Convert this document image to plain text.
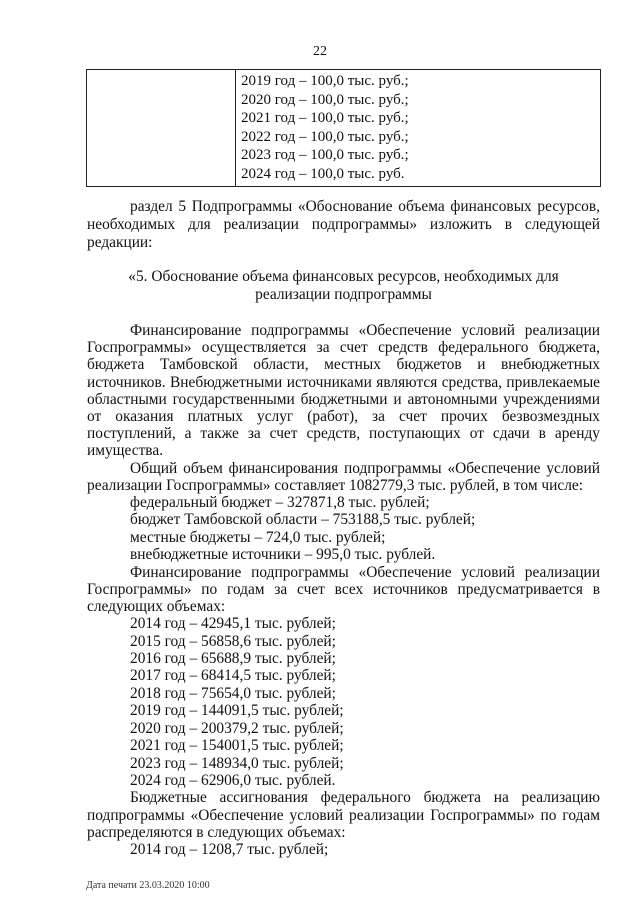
22

2019 год – 100,0 тыс. руб.;
2020 год – 100,0 тыс. руб.;
2021 год – 100,0 тыс. руб.;
2022 год – 100,0 тыс. руб.;
2023 год – 100,0 тыс. руб.;
2024 год – 100,0 тыс. руб.
раздел 5 Подпрограммы «Обоснование объема финансовых ресурсов, необходимых для реализации подпрограммы» изложить в следующей редакции:
«5. Обоснование объема финансовых ресурсов, необходимых для
реализации подпрограммы
Финансирование подпрограммы «Обеспечение условий реализации Госпрограммы» осуществляется за счет средств федерального бюджета, бюджета Тамбовской области, местных бюджетов и внебюджетных источников. Внебюджетными источниками являются средства, привлекаемые областными государственными бюджетными и автономными учреждениями от оказания платных услуг (работ), за счет прочих безвозмездных поступлений, а также за счет средств, поступающих от сдачи в аренду имущества.
Общий объем финансирования подпрограммы «Обеспечение условий реализации Госпрограммы» составляет 1082779,3 тыс. рублей, в том числе:
федеральный бюджет – 327871,8 тыс. рублей;
бюджет Тамбовской области – 753188,5 тыс. рублей;
местные бюджеты – 724,0 тыс. рублей;
внебюджетные источники – 995,0 тыс. рублей.
Финансирование подпрограммы «Обеспечение условий реализации Госпрограммы» по годам за счет всех источников предусматривается в следующих объемах:
2014 год – 42945,1 тыс. рублей;
2015 год – 56858,6 тыс. рублей;
2016 год – 65688,9 тыс. рублей;
2017 год – 68414,5 тыс. рублей;
2018 год – 75654,0 тыс. рублей;
2019 год – 144091,5 тыс. рублей;
2020 год – 200379,2 тыс. рублей;
2021 год – 154001,5 тыс. рублей;
2023 год – 148934,0 тыс. рублей;
2024 год – 62906,0 тыс. рублей.
Бюджетные ассигнования федерального бюджета на реализацию подпрограммы «Обеспечение условий реализации Госпрограммы» по годам распределяются в следующих объемах:
2014 год – 1208,7 тыс. рублей;
Дата печати 23.03.2020 10:00
